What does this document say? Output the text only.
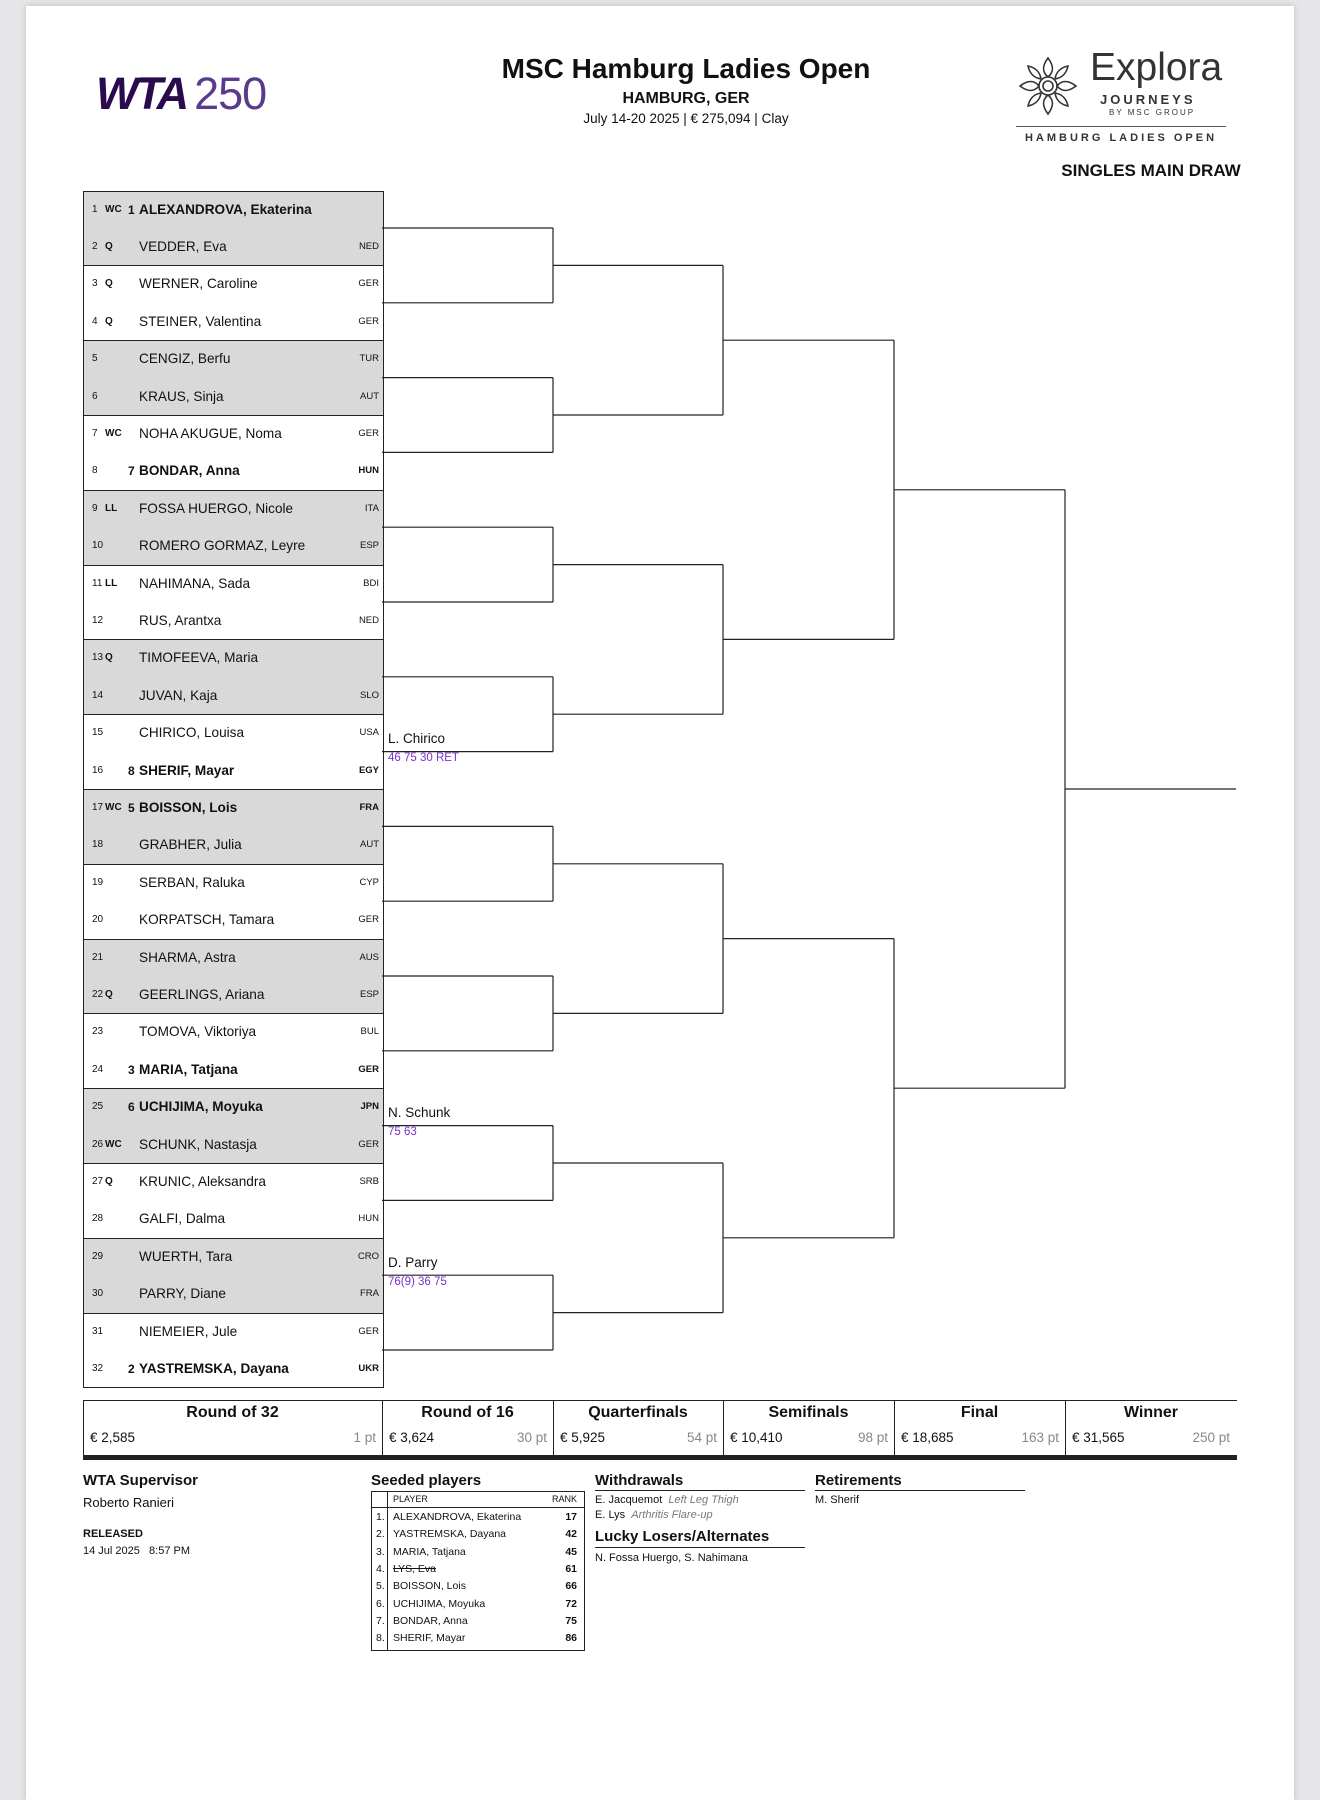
WTA 250	MSC Hamburg Ladies Open
HAMBURG, GER
July 14-20 2025 | € 275,094 | Clay
Explora
JOURNEYS
BY MSC GROUP
HAMBURG LADIES OPEN
SINGLES MAIN DRAW
1 WC 1 ALEXANDROVA, Ekaterina
2 Q VEDDER, Eva	NED
3 Q WERNER, Caroline	GER
4 Q STEINER, Valentina	GER
5	CENGIZ, Berfu	TUR
6	KRAUS, Sinja	AUT
7 WC NOHA AKUGUE, Noma	GER
8	7 BONDAR, Anna	HUN
9 LL FOSSA HUERGO, Nicole	ITA
10	ROMERO GORMAZ, Leyre	ESP
11 LL NAHIMANA, Sada	BDI
12	RUS, Arantxa	NED
13 Q TIMOFEEVA, Maria
14	JUVAN, Kaja	SLO
15	CHIRICO, Louisa	USA
16 8 SHERIF, Mayar	EGY
17 WC 5 BOISSON, Lois	FRA
18	GRABHER, Julia	AUT
19	SERBAN, Raluka	CYP
20	KORPATSCH, Tamara	GER
21	SHARMA, Astra	AUS
22 Q GEERLINGS, Ariana	ESP
23	TOMOVA, Viktoriya	BUL
24 3 MARIA, Tatjana	GER
25 6 UCHIJIMA, Moyuka	JPN
26 WC SCHUNK, Nastasja	GER
27 Q KRUNIC, Aleksandra	SRB
28	GALFI, Dalma	HUN
29	WUERTH, Tara	CRO
30	PARRY, Diane	FRA
31	NIEMEIER, Jule	GER
32 2 YASTREMSKA, Dayana	UKR
L. Chirico
46 75 30 RET
N. Schunk
75 63
D. Parry
76(9) 36 75
Round of 32	Round of 16	Quarterfinals	Semifinals	Final	Winner
€ 2,585	1 pt € 3,624	30 pt € 5,925	54 pt € 10,410	98 pt € 18,685	163 pt € 31,565	250 pt
WTA Supervisor
Roberto Ranieri
RELEASED
14 Jul 2025   8:57 PM
Seeded players
PLAYER	RANK
1. ALEXANDROVA, Ekaterina	17
2. YASTREMSKA, Dayana	42
3. MARIA, Tatjana	45
4. LYS, Eva	61
5. BOISSON, Lois	66
6. UCHIJIMA, Moyuka	72
7. BONDAR, Anna	75
8. SHERIF, Mayar	86
Withdrawals
E. Jacquemot Left Leg Thigh
E. Lys Arthritis Flare-up
Lucky Losers/Alternates
N. Fossa Huergo, S. Nahimana
Retirements
M. Sherif
